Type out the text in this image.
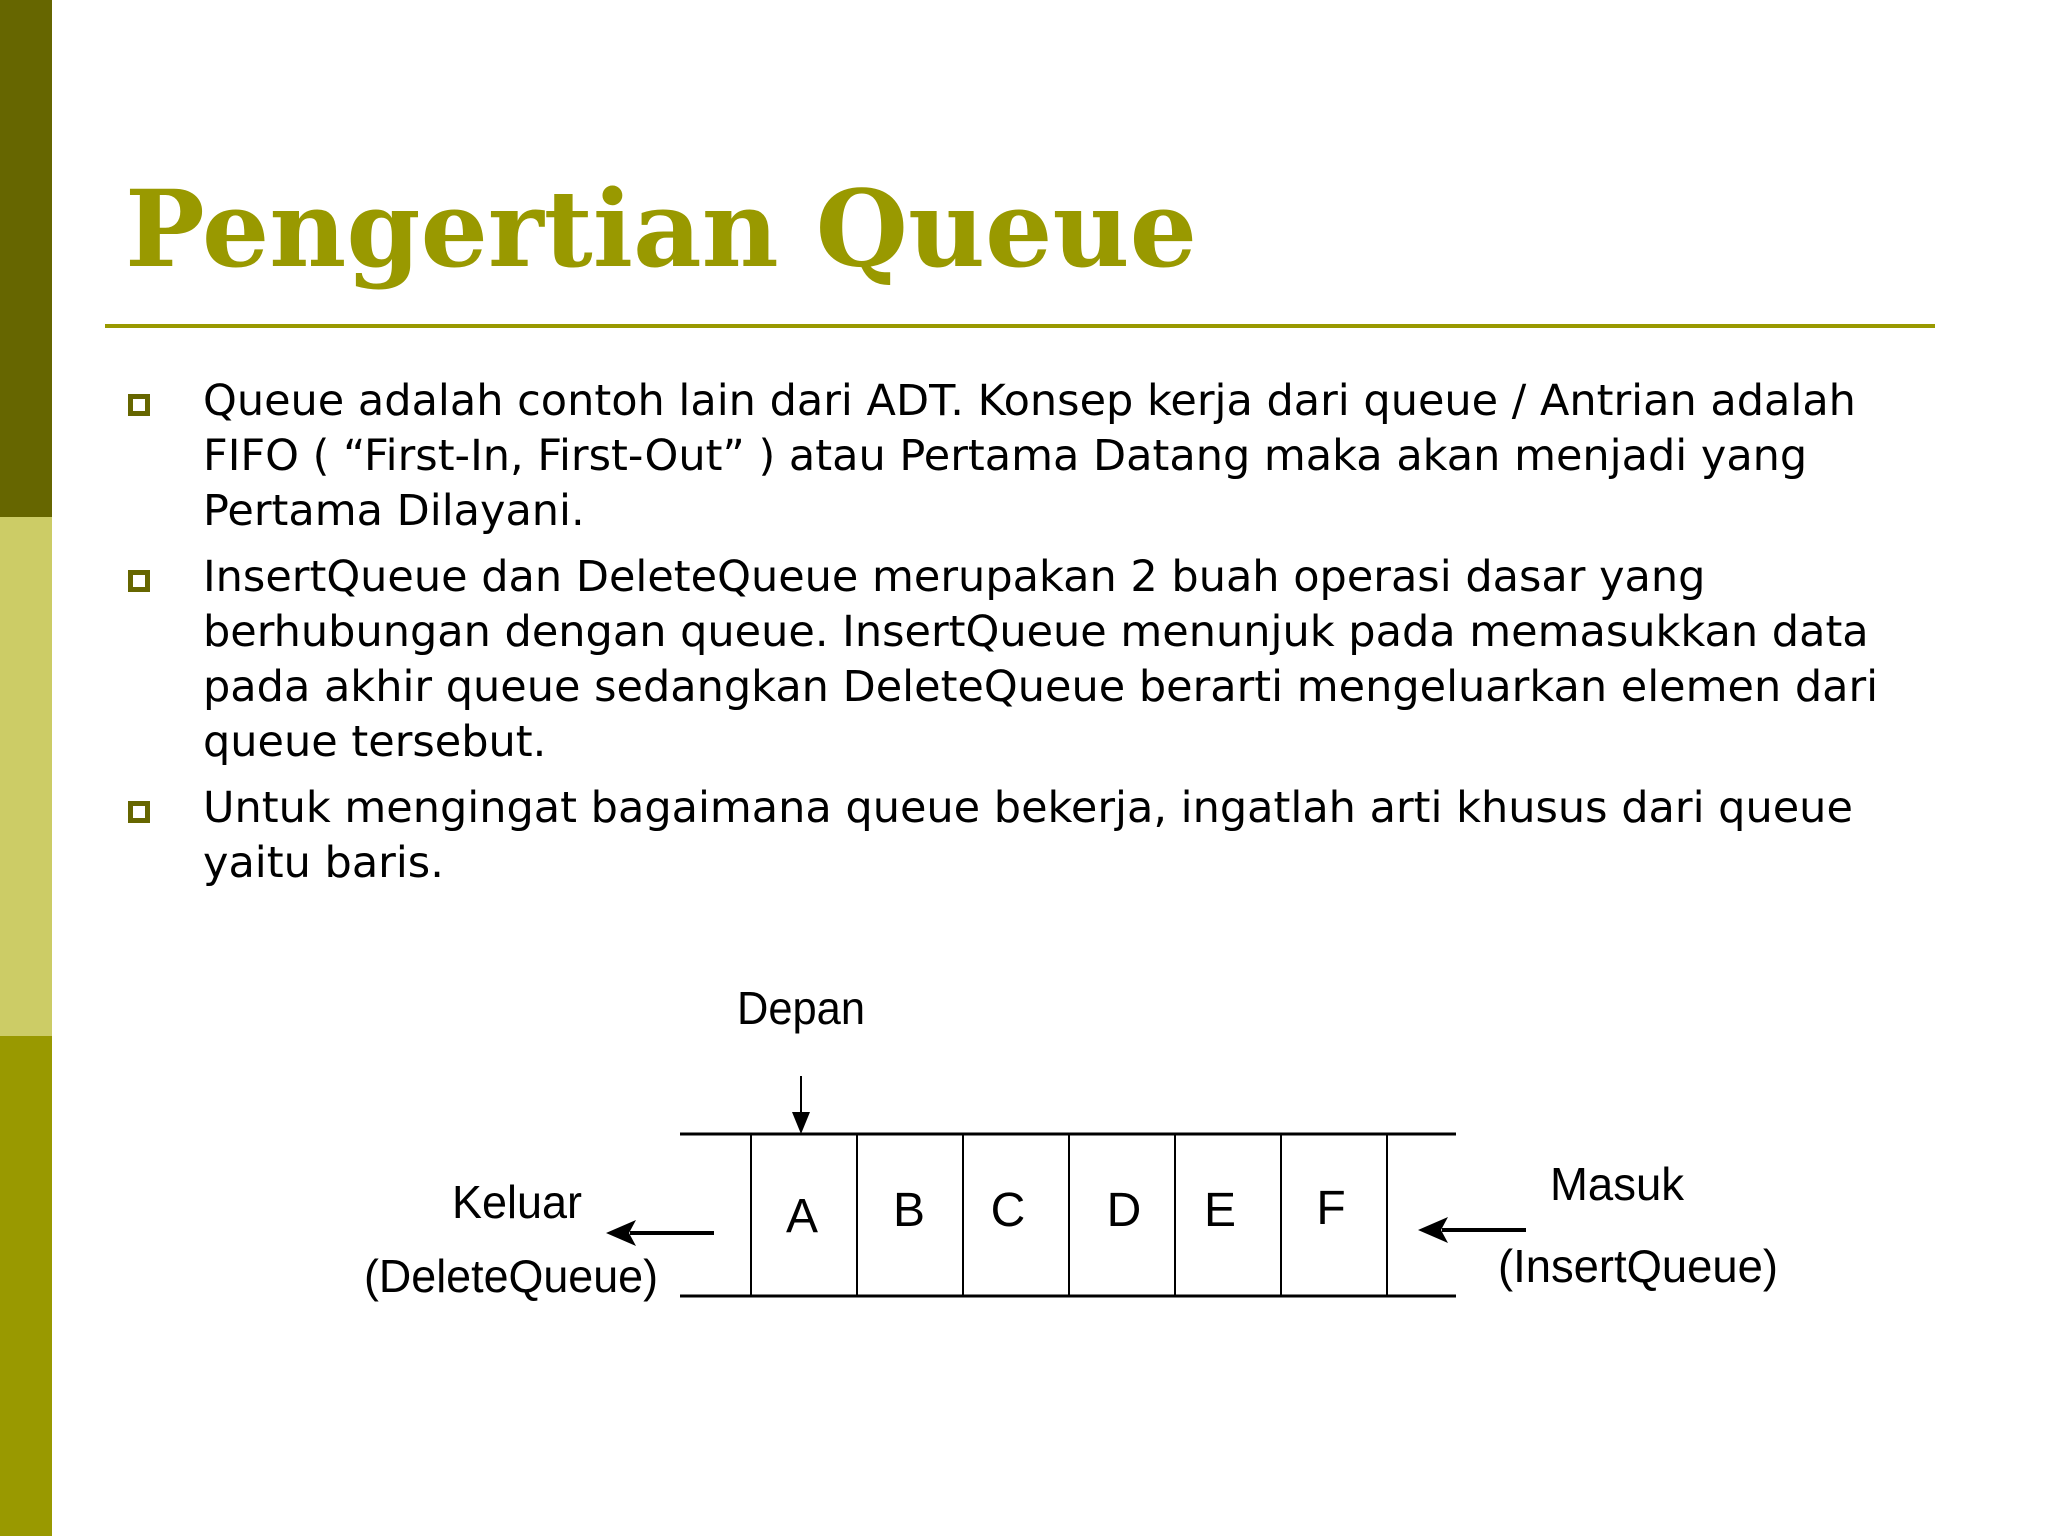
Pengertian Queue
Queue adalah contoh lain dari ADT. Konsep kerja dari queue / Antrian adalah FIFO ( “First-In, First-Out” ) atau Pertama Datang maka akan menjadi yang Pertama Dilayani.
InsertQueue dan DeleteQueue merupakan 2 buah operasi dasar yang berhubungan dengan queue. InsertQueue menunjuk pada memasukkan data pada akhir queue sedangkan DeleteQueue berarti mengeluarkan elemen dari queue tersebut.
Untuk mengingat bagaimana queue bekerja, ingatlah arti khusus dari queue yaitu baris.
Depan
A B C D E F
Keluar
(DeleteQueue)
Masuk
(InsertQueue)
